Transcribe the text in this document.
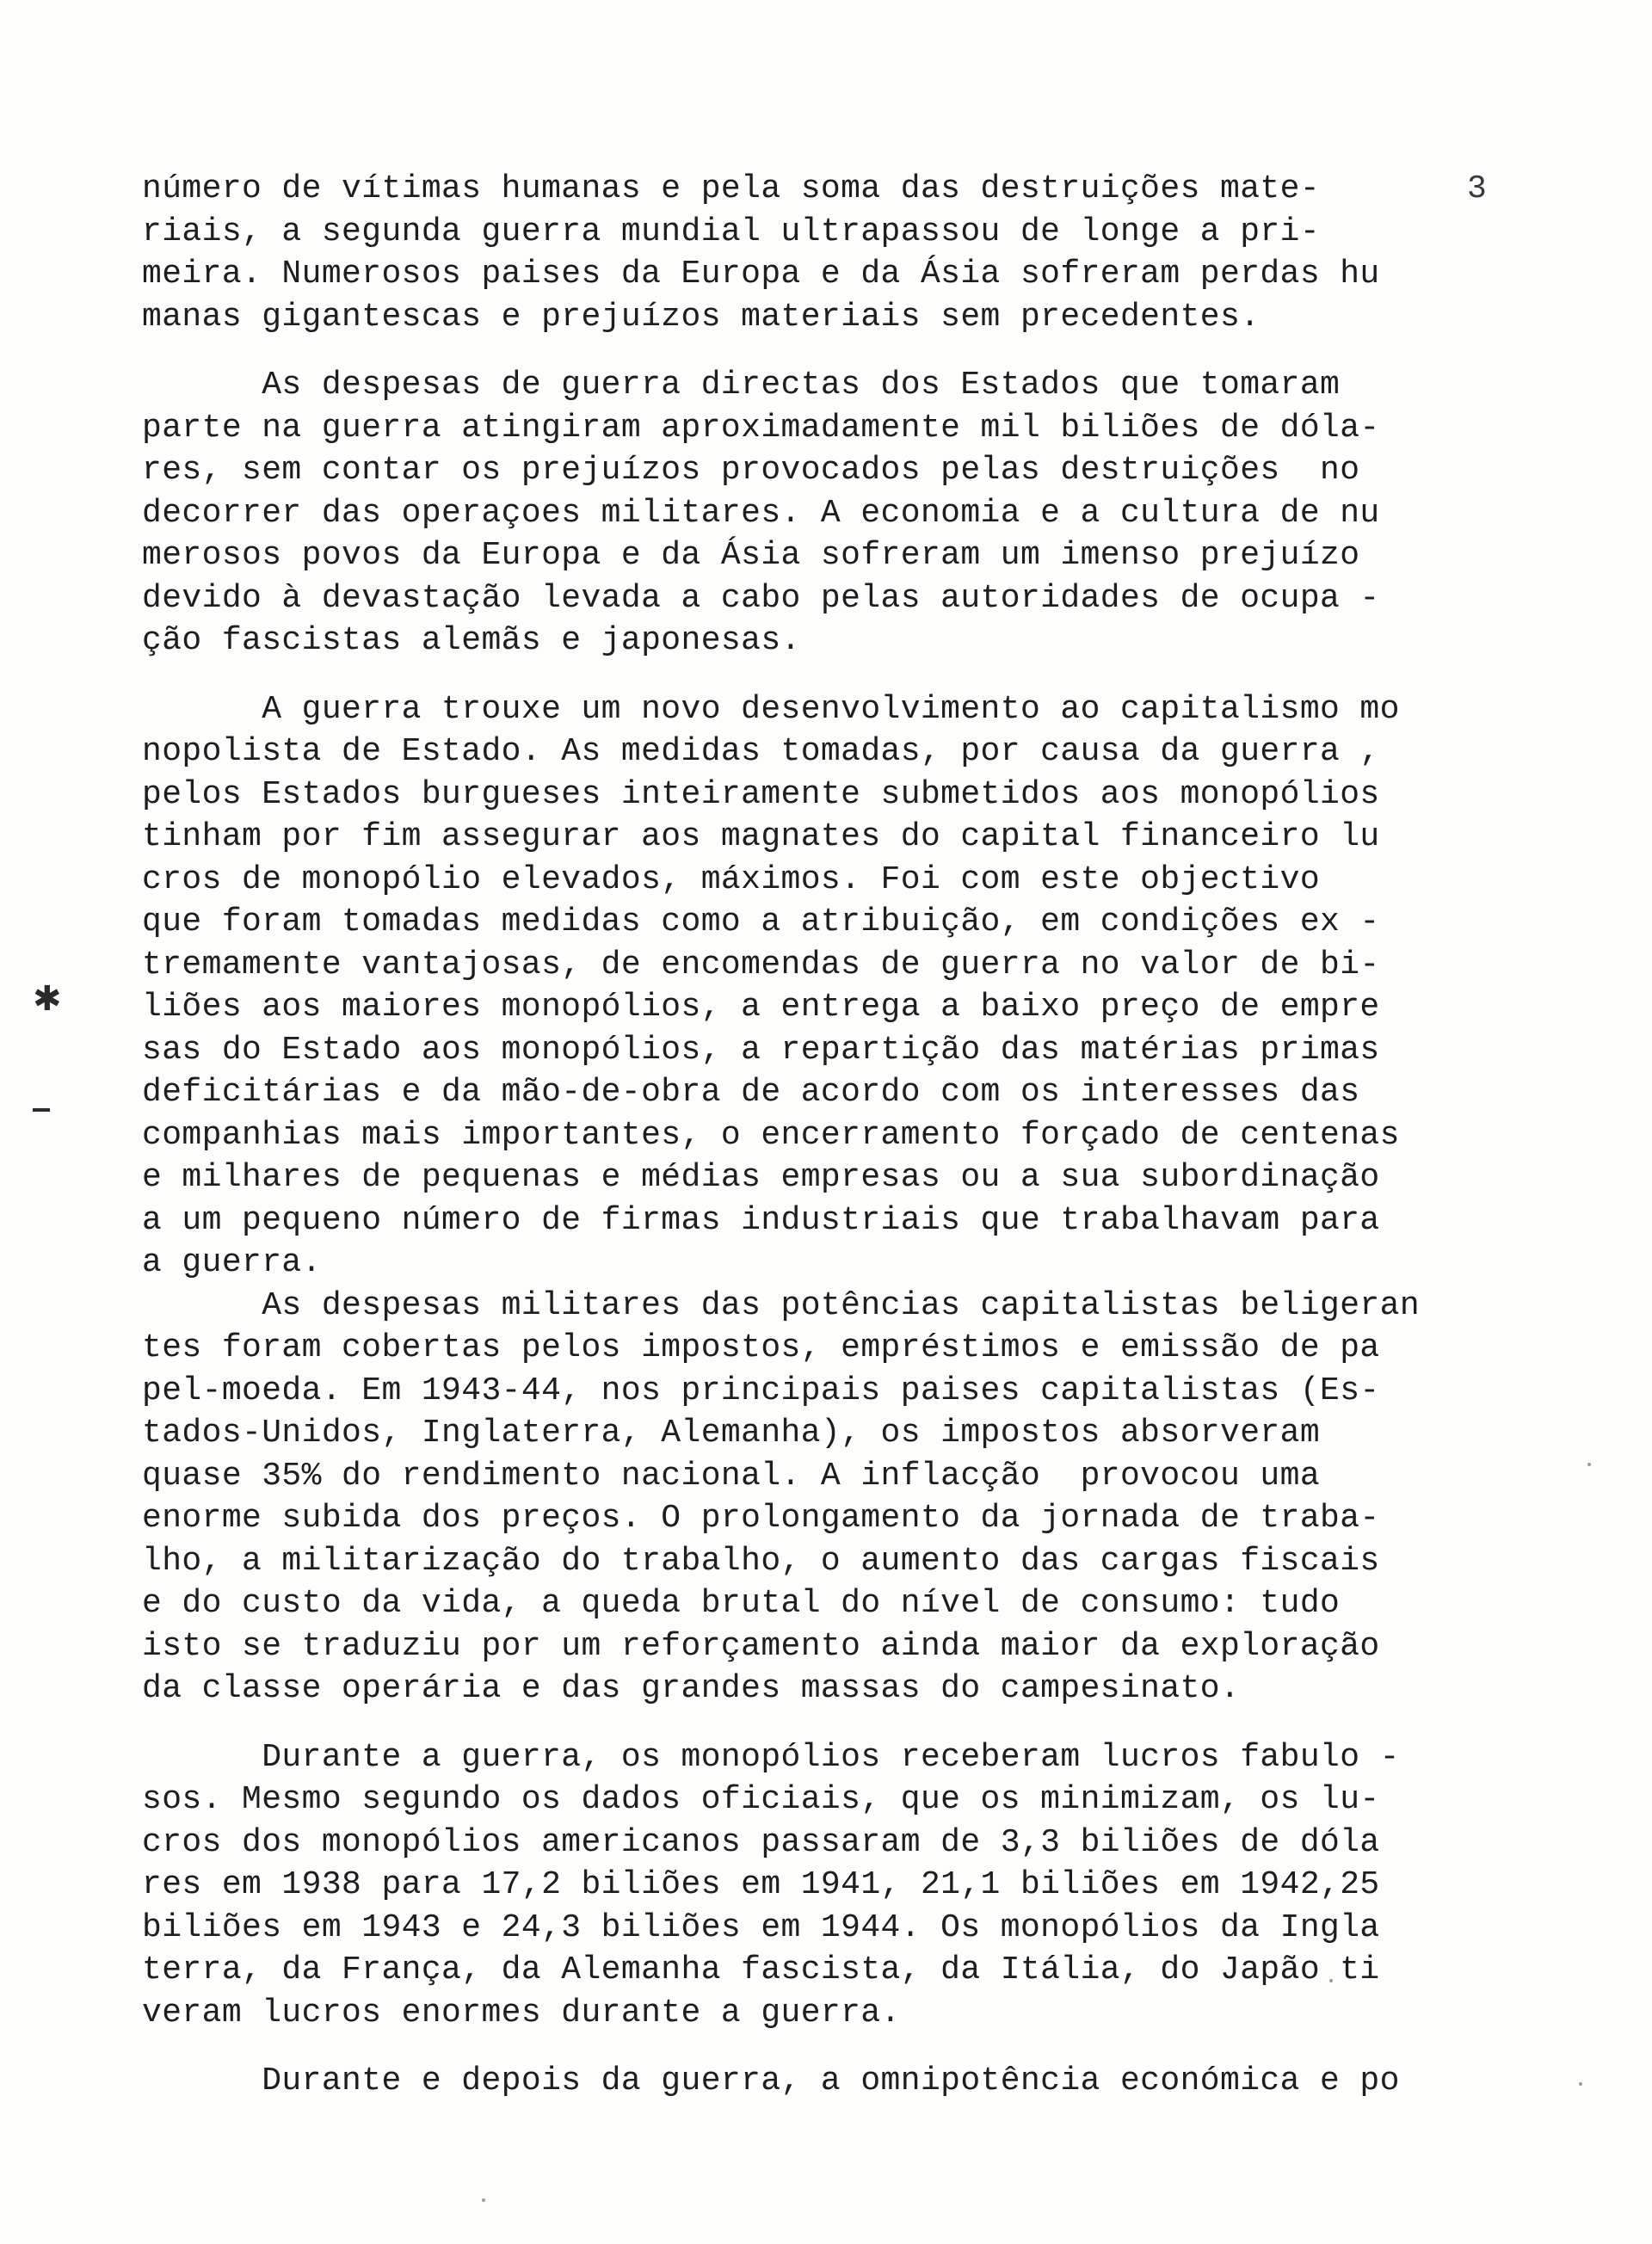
3
✱
número de vítimas humanas e pela soma das destruições mate-
riais, a segunda guerra mundial ultrapassou de longe a pri-
meira. Numerosos paises da Europa e da Ásia sofreram perdas hu
manas gigantescas e prejuízos materiais sem precedentes.
As despesas de guerra directas dos Estados que tomaram
parte na guerra atingiram aproximadamente mil biliões de dóla-
res, sem contar os prejuízos provocados pelas destruições  no
decorrer das operaçoes militares. A economia e a cultura de nu
merosos povos da Europa e da Ásia sofreram um imenso prejuízo
devido à devastação levada a cabo pelas autoridades de ocupa -
ção fascistas alemãs e japonesas.
A guerra trouxe um novo desenvolvimento ao capitalismo mo
nopolista de Estado. As medidas tomadas, por causa da guerra ,
pelos Estados burgueses inteiramente submetidos aos monopólios
tinham por fim assegurar aos magnates do capital financeiro lu
cros de monopólio elevados, máximos. Foi com este objectivo
que foram tomadas medidas como a atribuição, em condições ex -
tremamente vantajosas, de encomendas de guerra no valor de bi-
liões aos maiores monopólios, a entrega a baixo preço de empre
sas do Estado aos monopólios, a repartição das matérias primas
deficitárias e da mão-de-obra de acordo com os interesses das
companhias mais importantes, o encerramento forçado de centenas
e milhares de pequenas e médias empresas ou a sua subordinação
a um pequeno número de firmas industriais que trabalhavam para
a guerra.
As despesas militares das potências capitalistas beligeran
tes foram cobertas pelos impostos, empréstimos e emissão de pa
pel-moeda. Em 1943-44, nos principais paises capitalistas (Es-
tados-Unidos, Inglaterra, Alemanha), os impostos absorveram
quase 35% do rendimento nacional. A inflacção  provocou uma
enorme subida dos preços. O prolongamento da jornada de traba-
lho, a militarização do trabalho, o aumento das cargas fiscais
e do custo da vida, a queda brutal do nível de consumo: tudo
isto se traduziu por um reforçamento ainda maior da exploração
da classe operária e das grandes massas do campesinato.
Durante a guerra, os monopólios receberam lucros fabulo -
sos. Mesmo segundo os dados oficiais, que os minimizam, os lu-
cros dos monopólios americanos passaram de 3,3 biliões de dóla
res em 1938 para 17,2 biliões em 1941, 21,1 biliões em 1942,25
biliões em 1943 e 24,3 biliões em 1944. Os monopólios da Ingla
terra, da França, da Alemanha fascista, da Itália, do Japão ti
veram lucros enormes durante a guerra.
Durante e depois da guerra, a omnipotência económica e po
